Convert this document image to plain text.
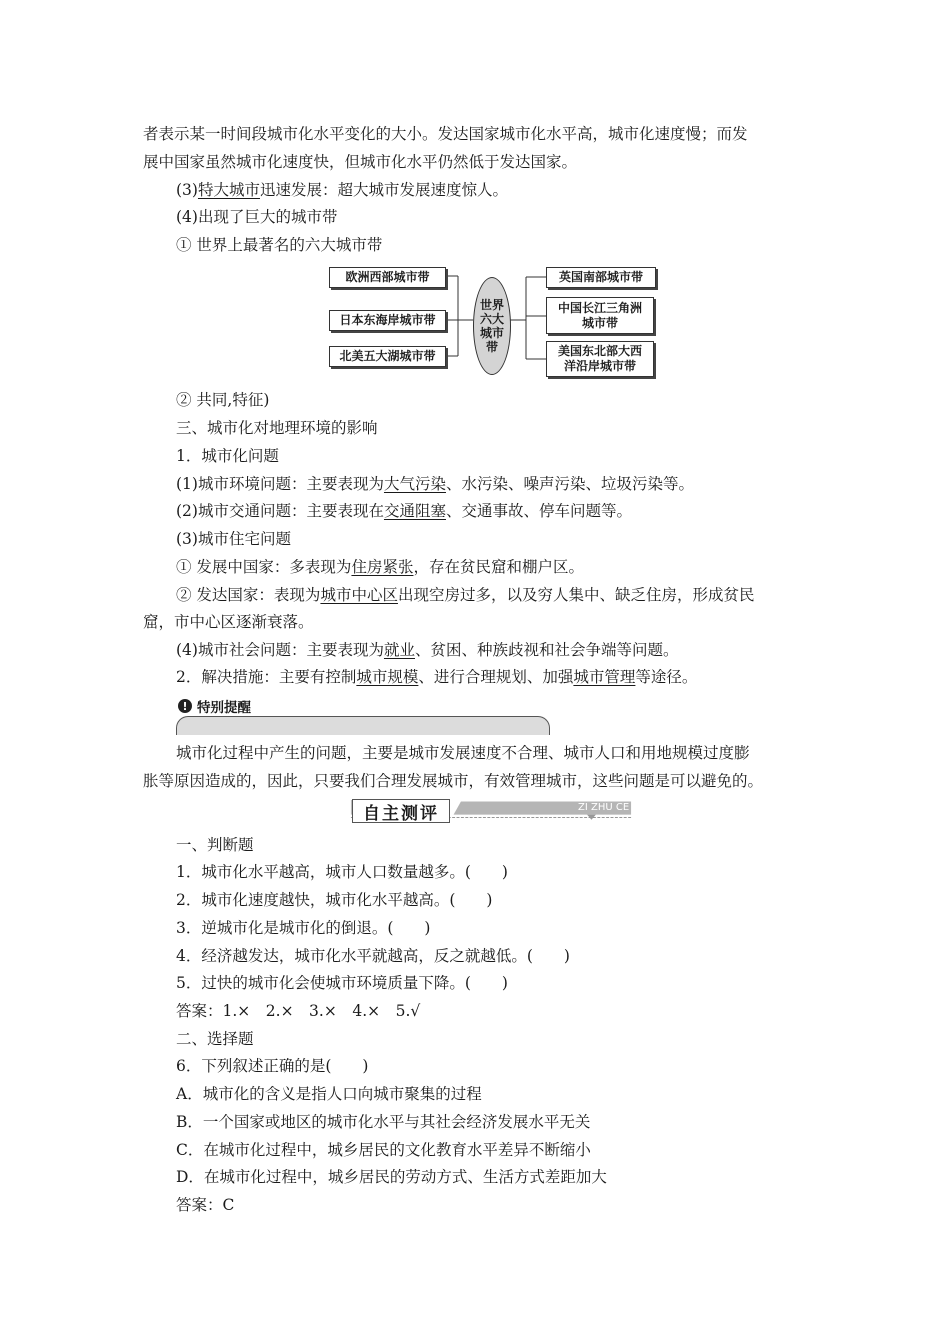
者表示某一时间段城市化水平变化的大小。发达国家城市化水平高，城市化速度慢；而发
展中国家虽然城市化速度快，但城市化水平仍然低于发达国家。
(3)特大城市迅速发展：超大城市发展速度惊人。
(4)出现了巨大的城市带
① 世界上最著名的六大城市带
欧洲西部城市带
日本东海岸城市带
北美五大湖城市带
世界六大城市带
英国南部城市带
中国长江三角洲城市带
美国东北部大西洋沿岸城市带
② 共同,特征)
三、城市化对地理环境的影响
1．城市化问题
(1)城市环境问题：主要表现为大气污染、水污染、噪声污染、垃圾污染等。
(2)城市交通问题：主要表现在交通阻塞、交通事故、停车问题等。
(3)城市住宅问题
① 发展中国家：多表现为住房紧张，存在贫民窟和棚户区。
② 发达国家：表现为城市中心区出现空房过多，以及穷人集中、缺乏住房，形成贫民
窟，市中心区逐渐衰落。
(4)城市社会问题：主要表现为就业、贫困、种族歧视和社会争端等问题。
2．解决措施：主要有控制城市规模、进行合理规划、加强城市管理等途径。
! 特别提醒
城市化过程中产生的问题，主要是城市发展速度不合理、城市人口和用地规模过度膨
胀等原因造成的，因此，只要我们合理发展城市，有效管理城市，这些问题是可以避免的。
自主测评	ZI ZHU CE PING
一、判断题
1．城市化水平越高，城市人口数量越多。(　　)
2．城市化速度越快，城市化水平越高。(　　)
3．逆城市化是城市化的倒退。(　　)
4．经济越发达，城市化水平就越高，反之就越低。(　　)
5．过快的城市化会使城市环境质量下降。(　　)
答案：1.×　2.×　3.×　4.×　5.√
二、选择题
6．下列叙述正确的是(　　)
A．城市化的含义是指人口向城市聚集的过程
B．一个国家或地区的城市化水平与其社会经济发展水平无关
C．在城市化过程中，城乡居民的文化教育水平差异不断缩小
D．在城市化过程中，城乡居民的劳动方式、生活方式差距加大
答案：C
